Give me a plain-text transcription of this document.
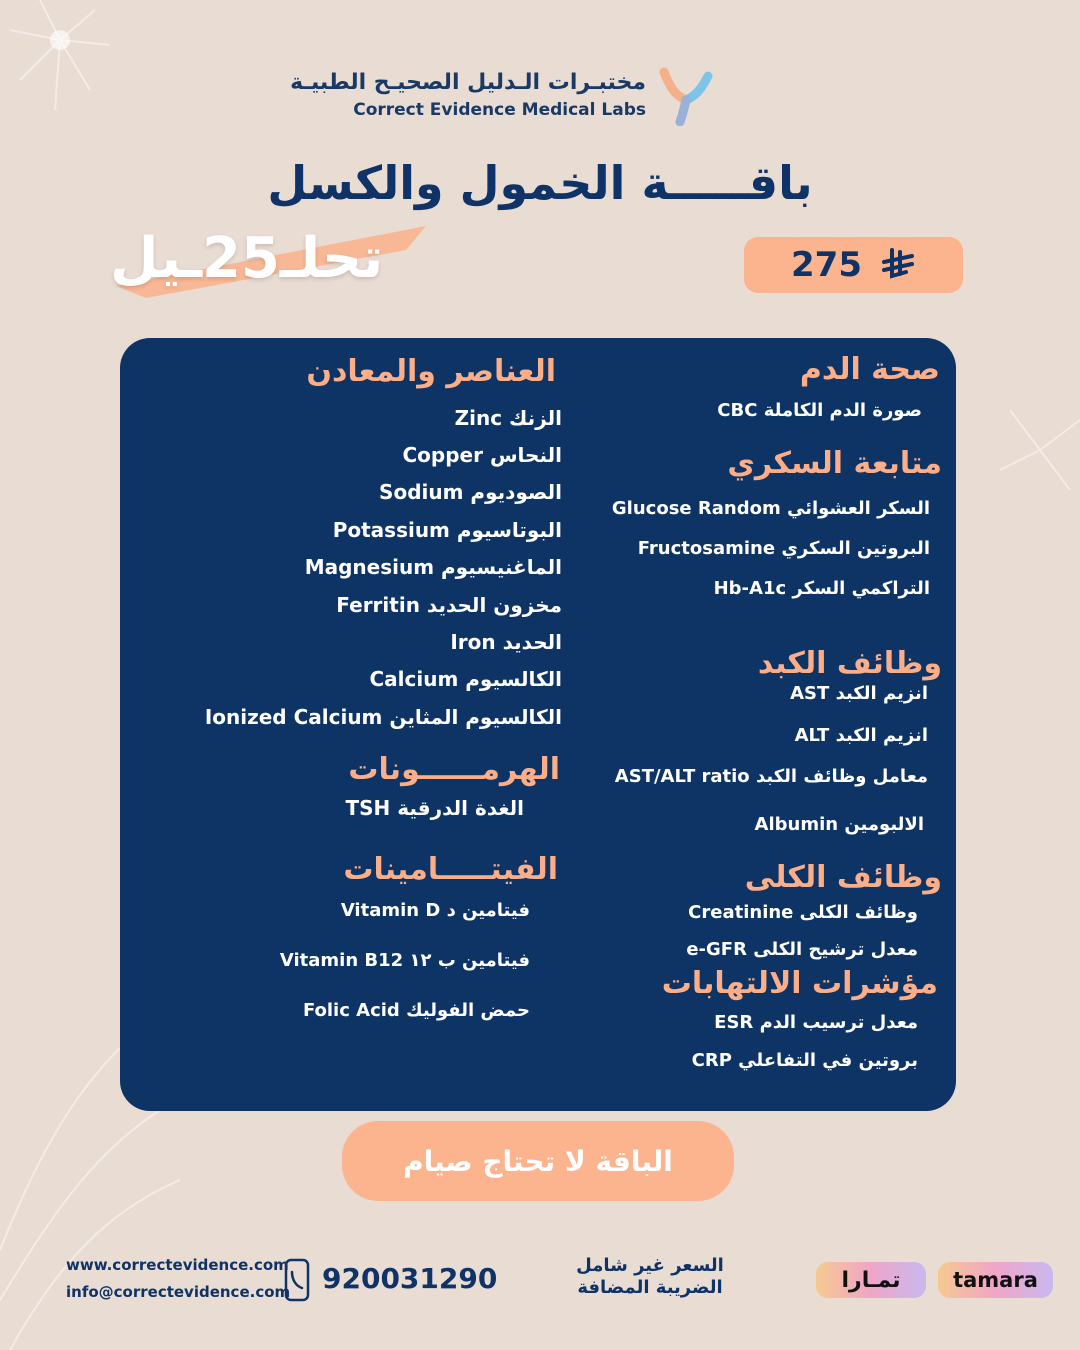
مختبـرات الـدليل الصحيـح الطبيـة
Correct Evidence Medical Labs
باقـــــة الخمول والكسل
تحلـ25ـيل	275
صحة الدم
صورة الدم الكاملة CBC
متابعة السكري
السكر العشوائي Glucose Random
البروتين السكري Fructosamine
التراكمي السكر Hb-A1c
وظائف الكبد
انزيم الكبد AST
انزيم الكبد ALT
معامل وظائف الكبد AST/ALT ratio
الالبومين Albumin
وظائف الكلى
وظائف الكلى Creatinine
معدل ترشيح الكلى e-GFR
مؤشرات الالتهابات
معدل ترسيب الدم ESR
بروتين في التفاعلي CRP
العناصر والمعادن
الزنك Zinc
النحاس Copper
الصوديوم Sodium
البوتاسيوم Potassium
الماغنيسيوم Magnesium
مخزون الحديد Ferritin
الحديد Iron
الكالسيوم Calcium
الكالسيوم المثاين Ionized Calcium
الهرمــــــونات
الغدة الدرقية TSH
الفيتـــــامينات
فيتامين د Vitamin D
فيتامين ب ١٢ Vitamin B12
حمض الفوليك Folic Acid
الباقة لا تحتاج صيام
www.correctevidence.com
info@correctevidence.com 920031290	السعر غير شامل
الضريبة المضافة	تمـارا	tamara
